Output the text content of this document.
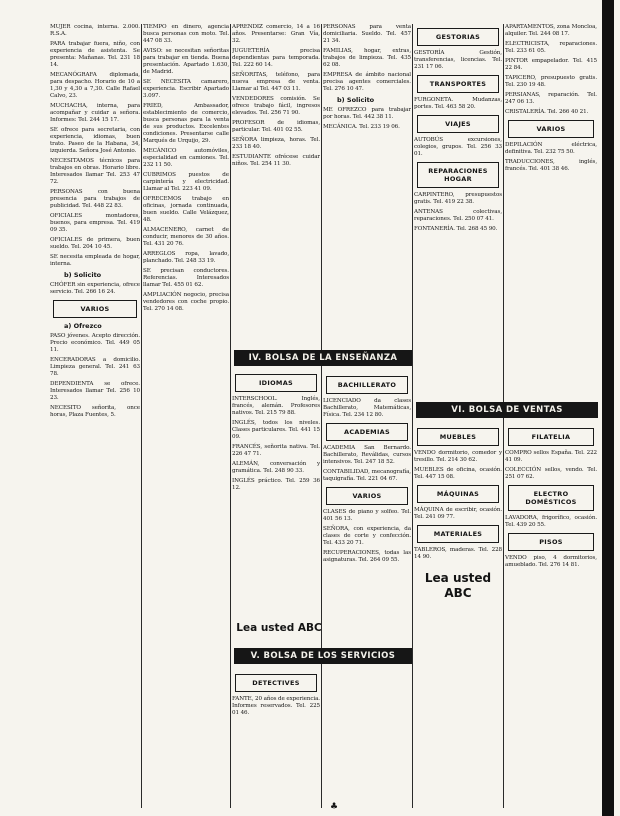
MUJER cocina, interna. 2.000. R.S.A.

PARA trabajar fuera, niño, con experiencia de asistenta. Se presenta: Mañanas. Tel. 231 18 14.

MECANÓGRAFA diplomada, para despacho. Horario de 10 a 1,30 y 4,30 a 7,30. Calle Rafael Calvo, 23.

MUCHACHA, interna, para acompañar y cuidar a señora. Informes: Tel. 244 15 17.

SE ofrece para secretaria, con experiencia, idiomas, buen trato. Paseo de la Habana, 34, izquierda. Señora José Antonio.

NECESITAMOS técnicos para trabajos en obras. Horario libre. Interesados llamar Tel. 253 47 72.

PERSONAS con buena presencia para trabajos de publicidad. Tel. 448 22 83.

OFICIALES montadores, buenos, para empresa. Tel. 419 09 35.

OFICIALES de primera, buen sueldo. Tel. 204 10 45.

SE necesita empleada de hogar, interna.

b) Solicito

CHÓFER sin experiencia, ofrece servicio. Tel. 266 16 24.

VARIOS
a) Ofrezco

PASO jóvenes. Acepto dirección. Precio económico. Tel. 449 05 11.

ENCERADORAS a domicilio. Limpieza general. Tel. 241 63 78.

DEPENDIENTA se ofrece. Interesados llamar Tel. 256 10 23.

NECESITO señorita, once horas, Plaza Fuentes, 5.

TIEMPO en dinero, agencia busca personas con moto. Tel. 447 08 33.

AVISO: se necesitan señoritas para trabajar en tienda. Buena presentación. Apartado 1.630, de Madrid.

SE NECESITA camarero, experiencia. Escribir Apartado 3.097.

FRIED, Ambassador, establecimiento de comercio, busca personas para la venta de sus productos. Excelentes condiciones. Presentarse calle Marqués de Urquijo, 29.

MECÁNICO automóviles, especialidad en camiones. Tel. 232 11 50.

CUBRIMOS puestos de carpintería y electricidad. Llamar al Tel. 223 41 09.

OFRECEMOS trabajo en oficinas, jornada continuada, buen sueldo. Calle Velázquez, 48.

ALMACENERO, carnet de conducir, menores de 30 años. Tel. 431 20 76.

ARREGLOS ropa, lavado, planchado. Tel. 248 33 19.

SE precisan conductores. Referencias. Interesados llamar Tel. 455 01 62.

AMPLIACIÓN negocio, precisa vendedores con coche propio. Tel. 270 14 08.

APRENDIZ comercio, 14 a 16 años. Presentarse: Gran Vía, 32.

JUGUETERÍA precisa dependientas para temporada. Tel. 222 60 14.

SEÑORITAS, teléfono, para nueva empresa de venta. Llamar al Tel. 447 03 11.

VENDEDORES comisión. Se ofrece trabajo fácil, ingresos elevados. Tel. 256 71 90.

PROFESOR de idiomas, particular. Tel. 401 02 55.

SEÑORA limpieza, horas. Tel. 233 18 40.

ESTUDIANTE ofrécese cuidar niños. Tel. 254 11 30.

IV. BOLSA DE LA ENSEÑANZA
IDIOMAS

INTERSCHOOL. Inglés, francés, alemán. Profesores nativos. Tel. 215 79 88.

INGLÉS, todos los niveles. Clases particulares. Tel. 441 15 09.

FRANCÉS, señorita nativa. Tel. 226 47 71.

ALEMÁN, conversación y gramática. Tel. 248 90 33.

INGLÉS práctico. Tel. 259 36 12.

Lea usted ABC
V. BOLSA DE LOS SERVICIOS
DETECTIVES

FANTE, 20 años de experiencia. Informes reservados. Tel. 225 01 46.

PERSONAS para venta domiciliaria. Sueldo. Tel. 457 21 34.

FAMILIAS, hogar, extras, trabajos de limpieza. Tel. 435 62 08.

EMPRESA de ámbito nacional precisa agentes comerciales. Tel. 276 10 47.

b) Solicito

ME OFREZCO para trabajar por horas. Tel. 442 38 11.

MECÁNICA. Tel. 233 19 06.

BACHILLERATO

LICENCIADO da clases Bachillerato, Matemáticas, Física. Tel. 234 12 80.

ACADEMIAS

ACADEMIA San Bernardo. Bachillerato, Reválidas, cursos intensivos. Tel. 247 18 52.

CONTABILIDAD, mecanografía, taquigrafía. Tel. 221 04 67.

VARIOS

CLASES de piano y solfeo. Tel. 401 56 13.

SEÑORA, con experiencia, da clases de corte y confección. Tel. 433 20 71.

RECUPERACIONES, todas las asignaturas. Tel. 264 09 55.

GESTORIAS

GESTORÍA Gestión, transferencias, licencias. Tel. 231 17 06.

TRANSPORTES

FURGONETA. Mudanzas, portes. Tel. 463 58 20.

VIAJES

AUTOBÚS excursiones, colegios, grupos. Tel. 256 33 01.

REPARACIONES HOGAR

CARPINTERO, presupuestos gratis. Tel. 419 22 38.

ANTENAS colectivas, reparaciones. Tel. 250 07 41.

FONTANERÍA. Tel. 268 45 90.

VI. BOLSA DE VENTAS
MUEBLES

VENDO dormitorio, comedor y tresillo. Tel. 214 30 62.

MUEBLES de oficina, ocasión. Tel. 447 15 08.

MÁQUINAS

MÁQUINA de escribir, ocasión. Tel. 241 09 77.

MATERIALES

TABLEROS, maderas. Tel. 228 14 90.

Lea usted ABC

APARTAMENTOS, zona Moncloa, alquiler. Tel. 244 08 17.

ELECTRICISTA, reparaciones. Tel. 233 61 05.

PINTOR empapelador. Tel. 415 22 84.

TAPICERO, presupuesto gratis. Tel. 230 19 48.

PERSIANAS, reparación. Tel. 247 06 13.

CRISTALERÍA. Tel. 266 40 21.

VARIOS

DEPILACIÓN eléctrica, definitiva. Tel. 232 75 50.

TRADUCCIONES, inglés, francés. Tel. 401 38 46.

FILATELIA

COMPRO sellos España. Tel. 222 41 09.

COLECCIÓN sellos, vendo. Tel. 251 07 62.

ELECTRO DOMÉSTICOS

LAVADORA, frigorífico, ocasión. Tel. 439 20 55.

PISOS

VENDO piso, 4 dormitorios, amueblado. Tel. 276 14 81.

♣
